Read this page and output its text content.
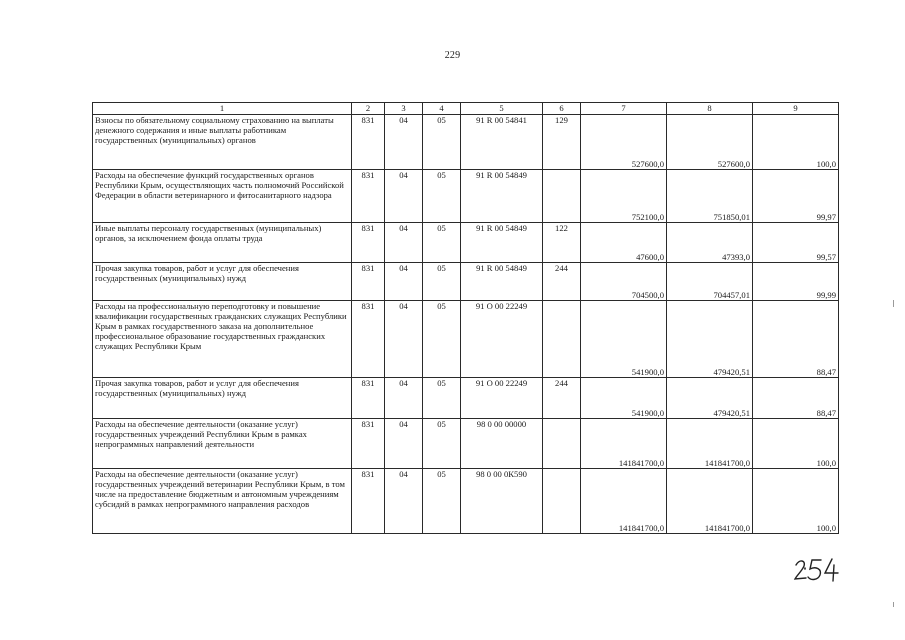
229
1	2	3	4	5	6	7	8	9
Взносы по обязательному социальному страхованию на выплаты денежного содержания и иные выплаты работникам государственных (муниципальных) органов	831	04	05	91 R 00 54841	129	527600,0	527600,0	100,0
Расходы на обеспечение функций государственных органов Республики Крым, осуществляющих часть полномочий Российской Федерации в области ветеринарного и фитосанитарного надзора	831	04	05	91 R 00 54849		752100,0	751850,01	99,97
Иные выплаты персоналу государственных (муниципальных) органов, за исключением фонда оплаты труда	831	04	05	91 R 00 54849	122	47600,0	47393,0	99,57
Прочая закупка товаров, работ и услуг для обеспечения государственных (муниципальных) нужд	831	04	05	91 R 00 54849	244	704500,0	704457,01	99,99
Расходы на профессиональную переподготовку и повышение квалификации государственных гражданских служащих Республики Крым в рамках государственного заказа на дополнительное профессиональное образование государственных гражданских служащих Республики Крым	831	04	05	91 O 00 22249		541900,0	479420,51	88,47
Прочая закупка товаров, работ и услуг для обеспечения государственных (муниципальных) нужд	831	04	05	91 O 00 22249	244	541900,0	479420,51	88,47
Расходы на обеспечение деятельности (оказание услуг) государственных учреждений Республики Крым в рамках непрограммных направлений деятельности	831	04	05	98 0 00 00000		141841700,0	141841700,0	100,0
Расходы на обеспечение деятельности (оказание услуг) государственных учреждений ветеринарии Республики Крым, в том числе на предоставление бюджетным и автономным учреждениям субсидий в рамках непрограммного направления расходов	831	04	05	98 0 00 0К590		141841700,0	141841700,0	100,0
